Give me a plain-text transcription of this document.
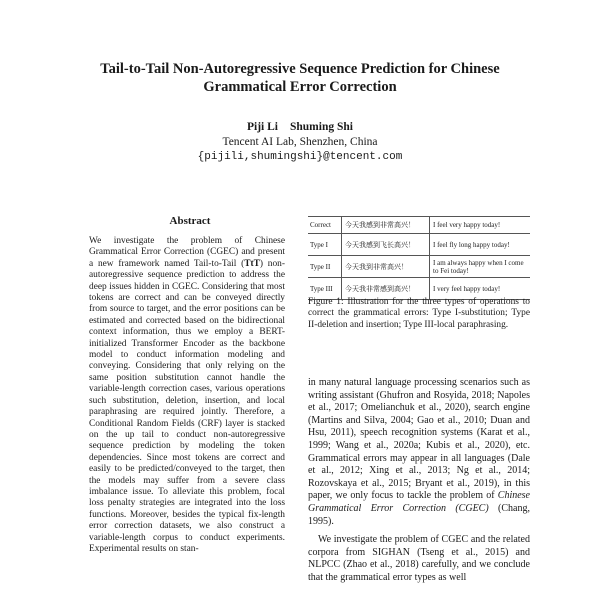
Tail-to-Tail Non-Autoregressive Sequence Prediction for Chinese
Grammatical Error Correction
Piji Li Shuming Shi
Tencent AI Lab, Shenzhen, China
{pijili,shumingshi}@tencent.com
Abstract
We investigate the problem of Chinese Grammatical Error Correction (CGEC) and present a new framework named Tail-to-Tail (TtT) non-autoregressive sequence prediction to address the deep issues hidden in CGEC. Considering that most tokens are correct and can be conveyed directly from source to target, and the error positions can be estimated and corrected based on the bidirectional context information, thus we employ a BERT-initialized Transformer Encoder as the backbone model to conduct information modeling and conveying. Considering that only relying on the same position substitution cannot handle the variable-length correction cases, various operations such substitution, deletion, insertion, and local paraphrasing are required jointly. Therefore, a Conditional Random Fields (CRF) layer is stacked on the up tail to conduct non-autoregressive sequence prediction by modeling the token dependencies. Since most tokens are correct and easily to be predicted/conveyed to the target, then the models may suffer from a severe class imbalance issue. To alleviate this problem, focal loss penalty strategies are integrated into the loss functions. Moreover, besides the typical fix-length error correction datasets, we also construct a variable-length corpus to conduct experiments. Experimental results on stan-
Correct	今天我感到非常高兴！	I feel very happy today!
Type I	今天我感到飞长高兴！	I feel fly long happy today!
Type II	今天我到非常高兴！	I am always happy when I come to Fei today!
Type III	今天我非常感到高兴！	I very feel happy today!
Figure 1: Illustration for the three types of operations to correct the grammatical errors: Type I-substitution; Type II-deletion and insertion; Type III-local paraphrasing.

in many natural language processing scenarios such as writing assistant (Ghufron and Rosyida, 2018; Napoles et al., 2017; Omelianchuk et al., 2020), search engine (Martins and Silva, 2004; Gao et al., 2010; Duan and Hsu, 2011), speech recognition systems (Karat et al., 1999; Wang et al., 2020a; Kubis et al., 2020), etc. Grammatical errors may appear in all languages (Dale et al., 2012; Xing et al., 2013; Ng et al., 2014; Rozovskaya et al., 2015; Bryant et al., 2019), in this paper, we only focus to tackle the problem of Chinese Grammatical Error Correction (CGEC) (Chang, 1995).

We investigate the problem of CGEC and the related corpora from SIGHAN (Tseng et al., 2015) and NLPCC (Zhao et al., 2018) carefully, and we conclude that the grammatical error types as well
